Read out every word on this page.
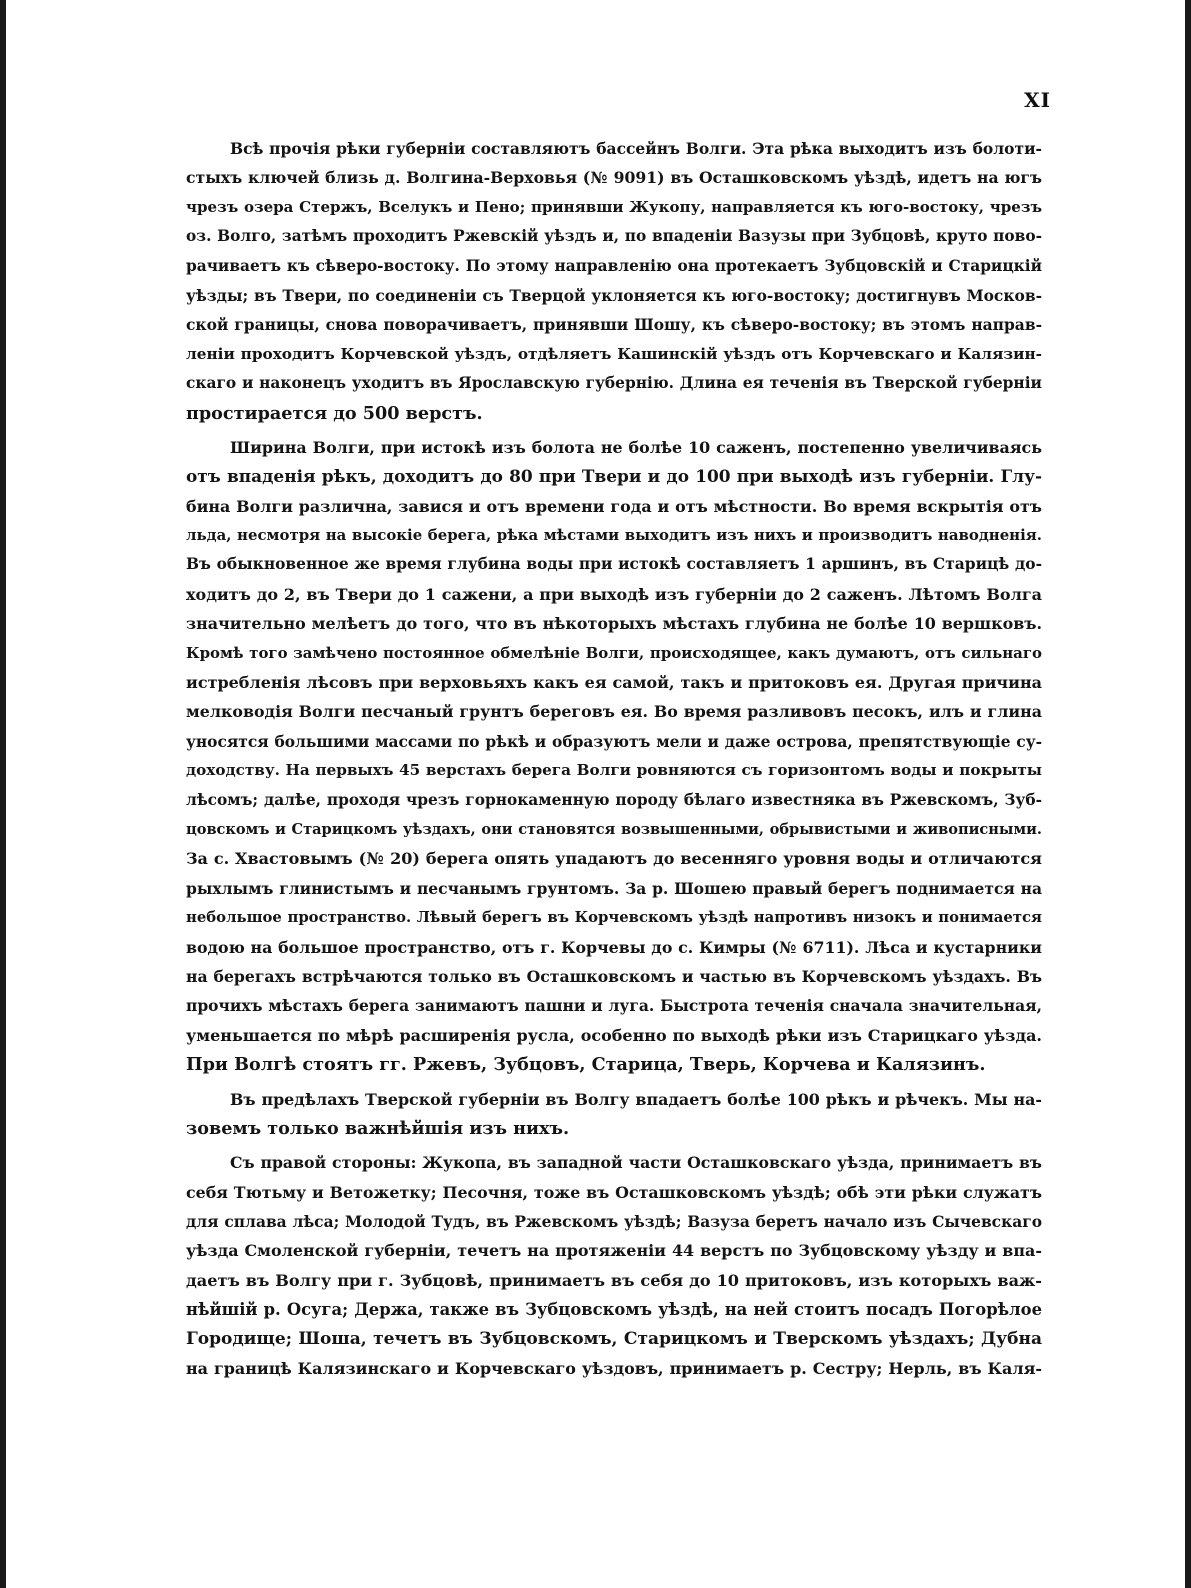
XI
Всѣ прочія рѣки губерніи составляютъ бассейнъ Волги. Эта рѣка выходитъ изъ болоти-
стыхъ ключей близь д. Волгина-Верховья (№ 9091) въ Осташковскомъ уѣздѣ, идетъ на югъ
чрезъ озера Стержъ, Вселукъ и Пено; принявши Жукопу, направляется къ юго-востоку, чрезъ
оз. Волго, затѣмъ проходитъ Ржевскій уѣздъ и, по впаденіи Вазузы при Зубцовѣ, круто пово-
рачиваетъ къ сѣверо-востоку. По этому направленію она протекаетъ Зубцовскій и Старицкій
уѣзды; въ Твери, по соединеніи съ Тверцой уклоняется къ юго-востоку; достигнувъ Москов-
ской границы, снова поворачиваетъ, принявши Шошу, къ сѣверо-востоку; въ этомъ направ-
леніи проходитъ Корчевской уѣздъ, отдѣляетъ Кашинскій уѣздъ отъ Корчевскаго и Калязин-
скаго и наконецъ уходитъ въ Ярославскую губернію. Длина ея теченія въ Тверской губерніи
простирается до 500 верстъ.
Ширина Волги, при истокѣ изъ болота не болѣе 10 саженъ, постепенно увеличиваясь
отъ впаденія рѣкъ, доходитъ до 80 при Твери и до 100 при выходѣ изъ губерніи. Глу-
бина Волги различна, завися и отъ времени года и отъ мѣстности. Во время вскрытія отъ
льда, несмотря на высокіе берега, рѣка мѣстами выходитъ изъ нихъ и производитъ наводненія.
Въ обыкновенное же время глубина воды при истокѣ составляетъ 1 аршинъ, въ Старицѣ до-
ходитъ до 2, въ Твери до 1 сажени, а при выходѣ изъ губерніи до 2 саженъ. Лѣтомъ Волга
значительно мелѣетъ до того, что въ нѣкоторыхъ мѣстахъ глубина не болѣе 10 вершковъ.
Кромѣ того замѣчено постоянное обмелѣніе Волги, происходящее, какъ думаютъ, отъ сильнаго
истребленія лѣсовъ при верховьяхъ какъ ея самой, такъ и притоковъ ея. Другая причина
мелководія Волги песчаный грунтъ береговъ ея. Во время разливовъ песокъ, илъ и глина
уносятся большими массами по рѣкѣ и образуютъ мели и даже острова, препятствующіе су-
доходству. На первыхъ 45 верстахъ берега Волги ровняются съ горизонтомъ воды и покрыты
лѣсомъ; далѣе, проходя чрезъ горнокаменную породу бѣлаго известняка въ Ржевскомъ, Зуб-
цовскомъ и Старицкомъ уѣздахъ, они становятся возвышенными, обрывистыми и живописными.
За с. Хвастовымъ (№ 20) берега опять упадаютъ до весенняго уровня воды и отличаются
рыхлымъ глинистымъ и песчанымъ грунтомъ. За р. Шошею правый берегъ поднимается на
небольшое пространство. Лѣвый берегъ въ Корчевскомъ уѣздѣ напротивъ низокъ и понимается
водою на большое пространство, отъ г. Корчевы до с. Кимры (№ 6711). Лѣса и кустарники
на берегахъ встрѣчаются только въ Осташковскомъ и частью въ Корчевскомъ уѣздахъ. Въ
прочихъ мѣстахъ берега занимаютъ пашни и луга. Быстрота теченія сначала значительная,
уменьшается по мѣрѣ расширенія русла, особенно по выходѣ рѣки изъ Старицкаго уѣзда.
При Волгѣ стоятъ гг. Ржевъ, Зубцовъ, Старица, Тверь, Корчева и Калязинъ.
Въ предѣлахъ Тверской губерніи въ Волгу впадаетъ болѣе 100 рѣкъ и рѣчекъ. Мы на-
зовемъ только важнѣйшія изъ нихъ.
Съ правой стороны: Жукопа, въ западной части Осташковскаго уѣзда, принимаетъ въ
себя Тютьму и Ветожетку; Песочня, тоже въ Осташковскомъ уѣздѣ; обѣ эти рѣки служатъ
для сплава лѣса; Молодой Тудъ, въ Ржевскомъ уѣздѣ; Вазуза беретъ начало изъ Сычевскаго
уѣзда Смоленской губерніи, течетъ на протяженіи 44 верстъ по Зубцовскому уѣзду и впа-
даетъ въ Волгу при г. Зубцовѣ, принимаетъ въ себя до 10 притоковъ, изъ которыхъ важ-
нѣйшій р. Осуга; Держа, также въ Зубцовскомъ уѣздѣ, на ней стоитъ посадъ Погорѣлое
Городище; Шоша, течетъ въ Зубцовскомъ, Старицкомъ и Тверскомъ уѣздахъ; Дубна
на границѣ Калязинскаго и Корчевскаго уѣздовъ, принимаетъ р. Сестру; Нерль, въ Каля-
